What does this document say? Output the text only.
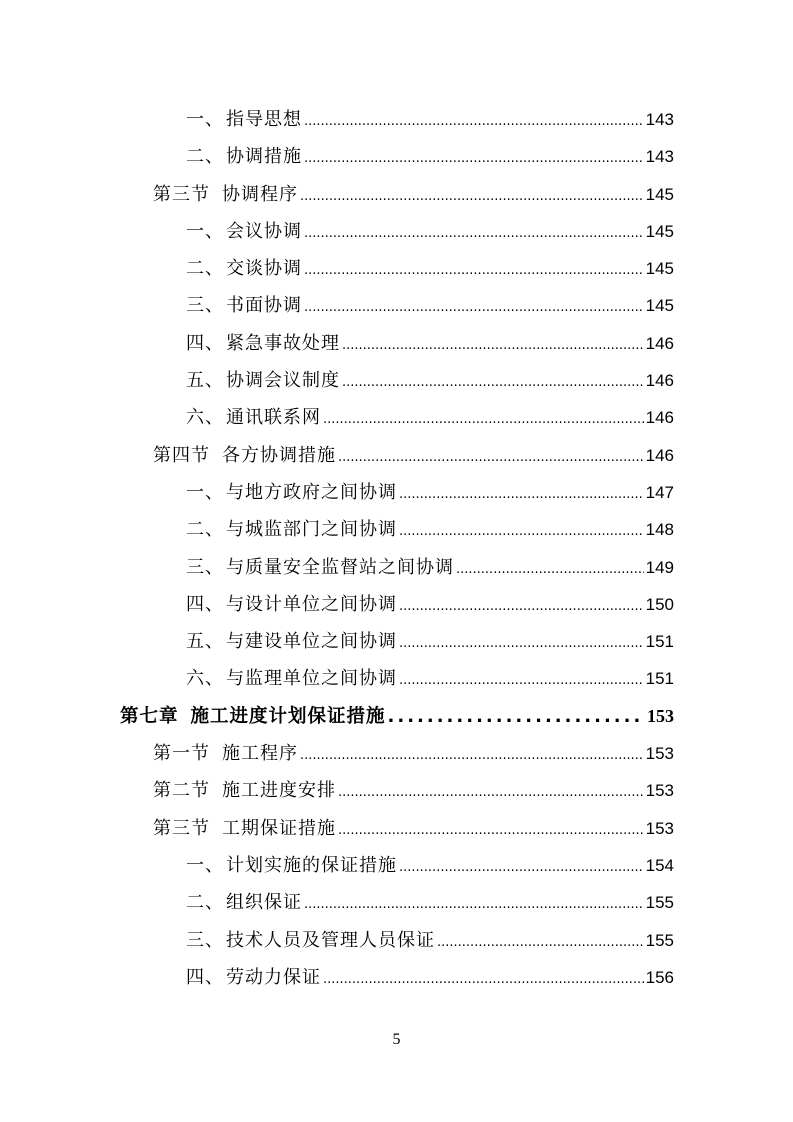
一、 指导思想 .....	143
二、 协调措施 .....	143
第三节 协调程序 .....	145
一、 会议协调 .....	145
二、 交谈协调 .....	145
三、 书面协调 .....	145
四、 紧急事故处理 .....	146
五、 协调会议制度 .....	146
六、 通讯联系网 .....	146
第四节 各方协调措施 .....	146
一、 与地方政府之间协调 .....	147
二、 与城监部门之间协调 .....	148
三、 与质量安全监督站之间协调 .....	149
四、 与设计单位之间协调 .....	150
五、 与建设单位之间协调 .....	151
六、 与监理单位之间协调 .....	151
第七章 施工进度计划保证措施 .....	153
第一节 施工程序 .....	153
第二节 施工进度安排 .....	153
第三节 工期保证措施 .....	153
一、 计划实施的保证措施 .....	154
二、 组织保证 .....	155
三、 技术人员及管理人员保证 .....	155
四、 劳动力保证 .....	156
5
